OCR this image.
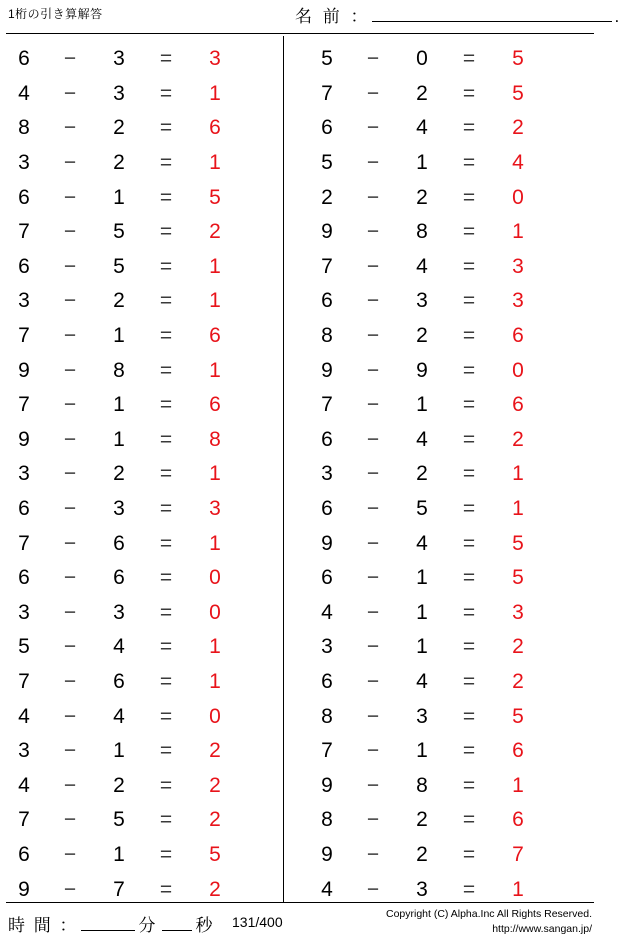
1桁の引き算解答	名 前 ：	.
6	−	3	=	3
4	−	3	=	1
8	−	2	=	6
3	−	2	=	1
6	−	1	=	5
7	−	5	=	2
6	−	5	=	1
3	−	2	=	1
7	−	1	=	6
9	−	8	=	1
7	−	1	=	6
9	−	1	=	8
3	−	2	=	1
6	−	3	=	3
7	−	6	=	1
6	−	6	=	0
3	−	3	=	0
5	−	4	=	1
7	−	6	=	1
4	−	4	=	0
3	−	1	=	2
4	−	2	=	2
7	−	5	=	2
6	−	1	=	5
9	−	7	=	2
5	−	0	=	5
7	−	2	=	5
6	−	4	=	2
5	−	1	=	4
2	−	2	=	0
9	−	8	=	1
7	−	4	=	3
6	−	3	=	3
8	−	2	=	6
9	−	9	=	0
7	−	1	=	6
6	−	4	=	2
3	−	2	=	1
6	−	5	=	1
9	−	4	=	5
6	−	1	=	5
4	−	1	=	3
3	−	1	=	2
6	−	4	=	2
8	−	3	=	5
7	−	1	=	6
9	−	8	=	1
8	−	2	=	6
9	−	2	=	7
4	−	3	=	1
時 間 ：	分 秒 131/400	Copyright (C) Alpha.Inc All Rights Reserved.
http://www.sangan.jp/
